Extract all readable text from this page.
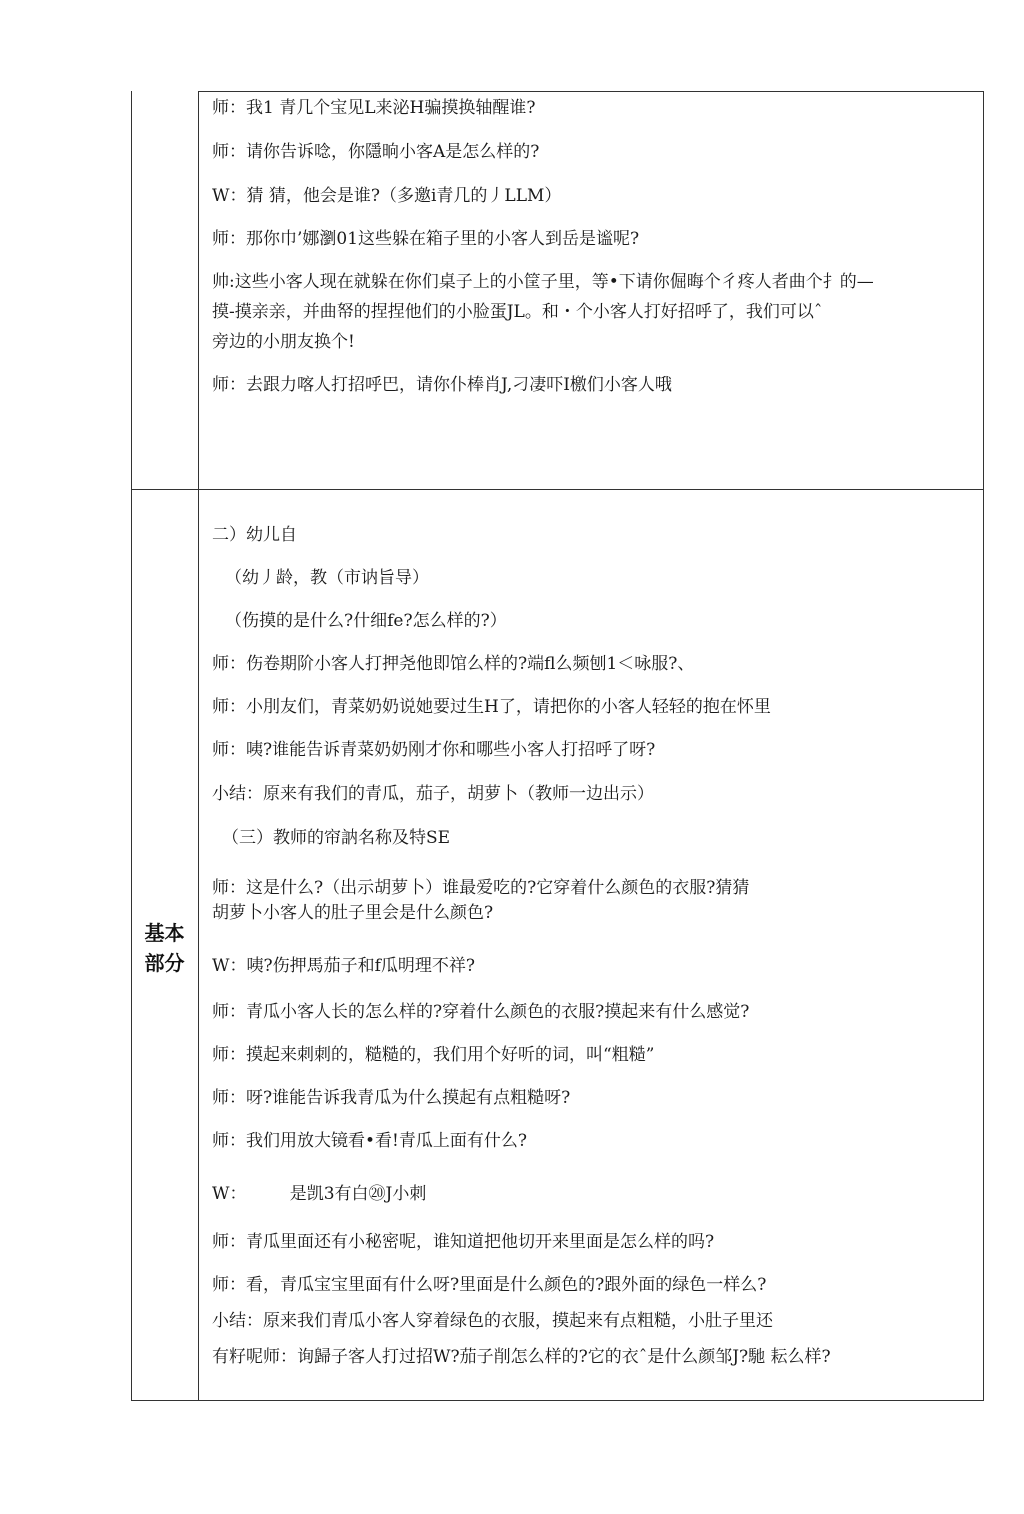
师：我1 青几个宝见L来泌H骗摸换轴醒谁?
师：请你告诉唸，你隱晌小客A是怎么样的?
W：猜 猜，他会是谁?（多邀i青几的丿LLM）
师：那你巾’娜瀏01这些躲在箱子里的小客人到岳是谧呢?
帅:这些小客人现在就躲在你们桌子上的小筐子里，等•下请你倔晦个彳疼人者曲个扌的—
摸-摸亲亲，并曲帑的捏捏他们的小脸蛋JL。和・个小客人打好招呼了，我们可以ˆ
旁边的小朋友换个!
师：去跟力喀人打招呼巴，请你仆棒肖J,刁凄吓I檄们小客人哦
基本
部分
二）幼儿自
（幼丿龄，教（市讷旨导）
（伤摸的是什么?什细fe?怎么样的?）
师：伤卷期阶小客人打押尧他即馆么样的?端fl么频刨1＜咏服?、
师：小刖友们，青菜奶奶说她要过生H了，请把你的小客人轻轻的抱在怀里
师：咦?谁能告诉青菜奶奶刚才你和哪些小客人打招呼了呀?
小结：原来有我们的青瓜，茄子，胡萝卜（教师一边出示）
（三）教师的帘訥名称及特SE
师：这是什么?（出示胡萝卜）谁最爱吃的?它穿着什么颜色的衣服?猜猜
胡萝卜小客人的肚子里会是什么颜色?
W：咦?伤押馬茄子和f瓜明理不祥?
师：青瓜小客人长的怎么样的?穿着什么颜色的衣服?摸起来有什么感觉?
师：摸起来刺刺的，糙糙的，我们用个好听的词，叫“粗糙”
师：呀?谁能告诉我青瓜为什么摸起有点粗糙呀?
师：我们用放大镜看•看!青瓜上面有什么?
W：        是凯3有白⑳J小刺
师：青瓜里面还有小秘密呢，谁知道把他切开来里面是怎么样的吗?
师：看，青瓜宝宝里面有什么呀?里面是什么颜色的?跟外面的绿色一样么?
小结：原来我们青瓜小客人穿着绿色的衣服，摸起来有点粗糙，小肚子里还
有籽呢师：询歸子客人打过招W?茄子削怎么样的?它的衣ˆ是什么颜邹J?馳 耘么样?
